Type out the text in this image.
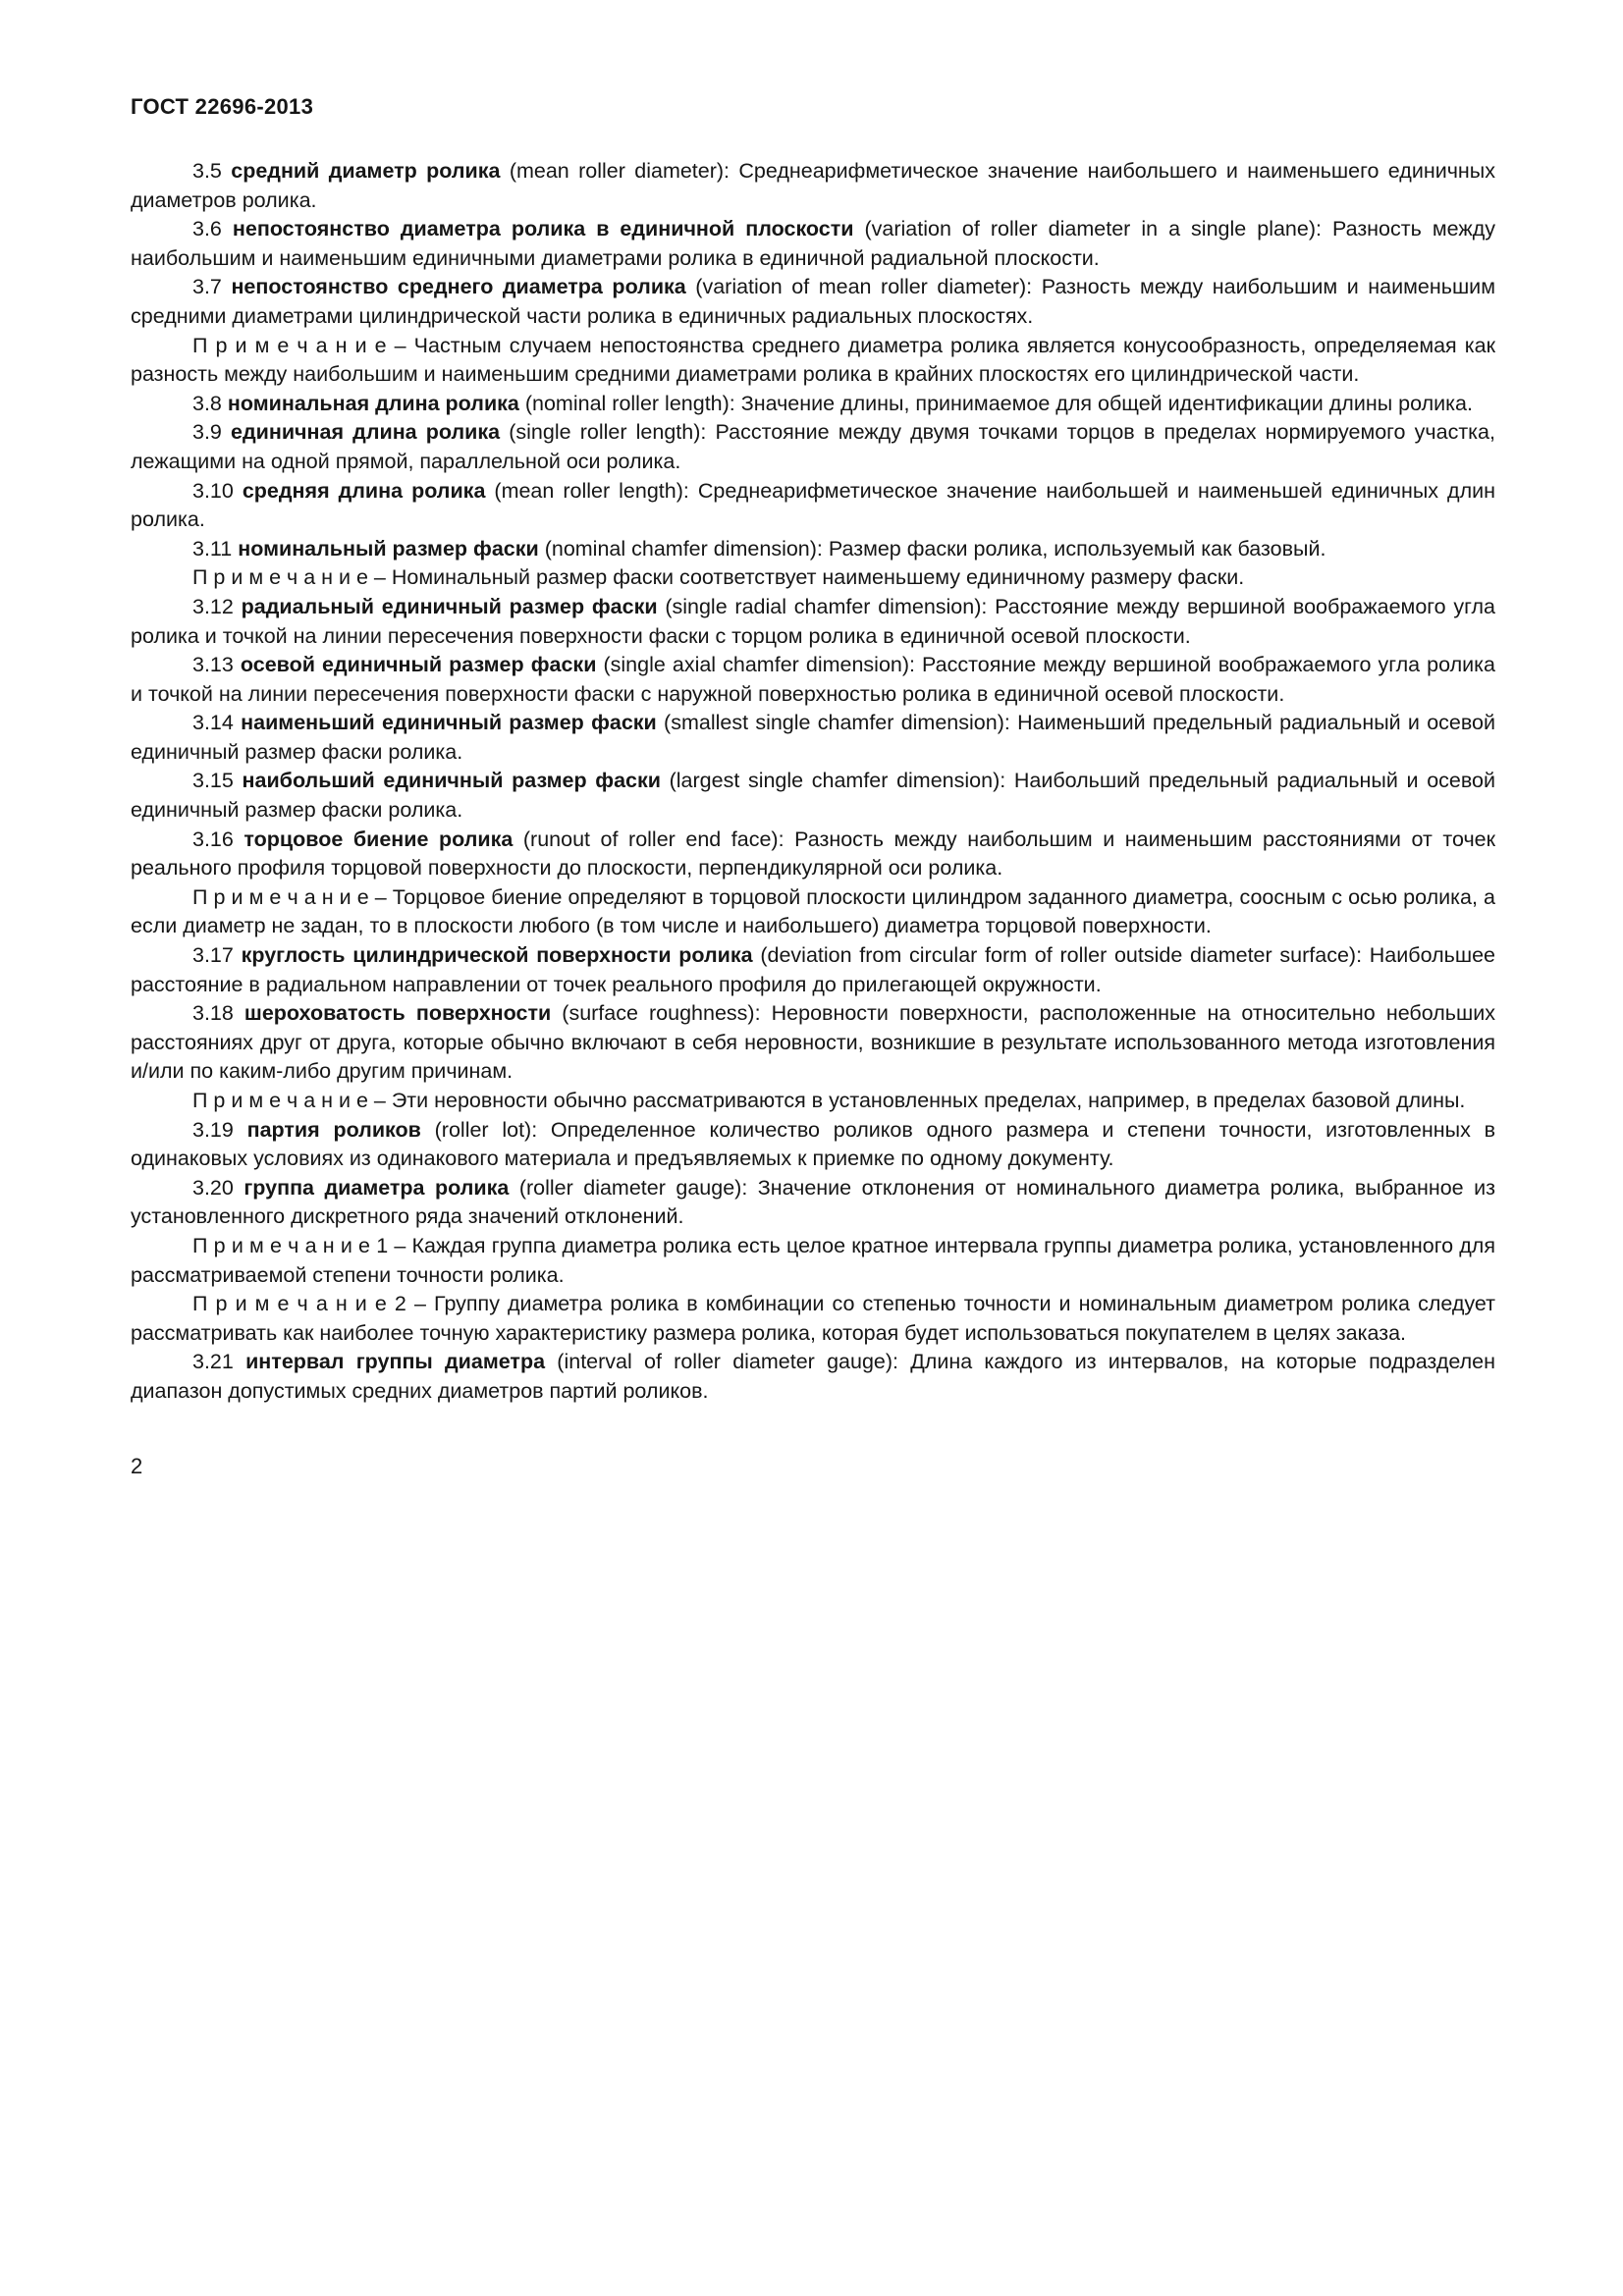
ГОСТ 22696-2013

3.5 средний диаметр ролика (mean roller diameter): Среднеарифметическое значение наибольшего и наименьшего единичных диаметров ролика.

3.6 непостоянство диаметра ролика в единичной плоскости (variation of roller diameter in a single plane): Разность между наибольшим и наименьшим единичными диаметрами ролика в единичной радиальной плоскости.

3.7 непостоянство среднего диаметра ролика (variation of mean roller diameter): Разность между наибольшим и наименьшим средними диаметрами цилиндрической части ролика в единичных радиальных плоскостях.

П р и м е ч а н и е – Частным случаем непостоянства среднего диаметра ролика является конусообразность, определяемая как разность между наибольшим и наименьшим средними диаметрами ролика в крайних плоскостях его цилиндрической части.

3.8 номинальная длина ролика (nominal roller length): Значение длины, принимаемое для общей идентификации длины ролика.

3.9 единичная длина ролика (single roller length): Расстояние между двумя точками торцов в пределах нормируемого участка, лежащими на одной прямой, параллельной оси ролика.

3.10 средняя длина ролика (mean roller length): Среднеарифметическое значение наибольшей и наименьшей единичных длин ролика.

3.11 номинальный размер фаски (nominal chamfer dimension): Размер фаски ролика, используемый как базовый.

П р и м е ч а н и е – Номинальный размер фаски соответствует наименьшему единичному размеру фаски.

3.12 радиальный единичный размер фаски (single radial chamfer dimension): Расстояние между вершиной воображаемого угла ролика и точкой на линии пересечения поверхности фаски с торцом ролика в единичной осевой плоскости.

3.13 осевой единичный размер фаски (single axial chamfer dimension): Расстояние между вершиной воображаемого угла ролика и точкой на линии пересечения поверхности фаски с наружной поверхностью ролика в единичной осевой плоскости.

3.14 наименьший единичный размер фаски (smallest single chamfer dimension): Наименьший предельный радиальный и осевой единичный размер фаски ролика.

3.15 наибольший единичный размер фаски (largest single chamfer dimension): Наибольший предельный радиальный и осевой единичный размер фаски ролика.

3.16 торцовое биение ролика (runout of roller end face): Разность между наибольшим и наименьшим расстояниями от точек реального профиля торцовой поверхности до плоскости, перпендикулярной оси ролика.

П р и м е ч а н и е – Торцовое биение определяют в торцовой плоскости цилиндром заданного диаметра, соосным с осью ролика, а если диаметр не задан, то в плоскости любого (в том числе и наибольшего) диаметра торцовой поверхности.

3.17 круглость цилиндрической поверхности ролика (deviation from circular form of roller outside diameter surface): Наибольшее расстояние в радиальном направлении от точек реального профиля до прилегающей окружности.

3.18 шероховатость поверхности (surface roughness): Неровности поверхности, расположенные на относительно небольших расстояниях друг от друга, которые обычно включают в себя неровности, возникшие в результате использованного метода изготовления и/или по каким-либо другим причинам.

П р и м е ч а н и е – Эти неровности обычно рассматриваются в установленных пределах, например, в пределах базовой длины.

3.19 партия роликов (roller lot): Определенное количество роликов одного размера и степени точности, изготовленных в одинаковых условиях из одинакового материала и предъявляемых к приемке по одному документу.

3.20 группа диаметра ролика (roller diameter gauge): Значение отклонения от номинального диаметра ролика, выбранное из установленного дискретного ряда значений отклонений.

П р и м е ч а н и е 1 – Каждая группа диаметра ролика есть целое кратное интервала группы диаметра ролика, установленного для рассматриваемой степени точности ролика.

П р и м е ч а н и е 2 – Группу диаметра ролика в комбинации со степенью точности и номинальным диаметром ролика следует рассматривать как наиболее точную характеристику размера ролика, которая будет использоваться покупателем в целях заказа.

3.21 интервал группы диаметра (interval of roller diameter gauge): Длина каждого из интервалов, на которые подразделен диапазон допустимых средних диаметров партий роликов.

2
